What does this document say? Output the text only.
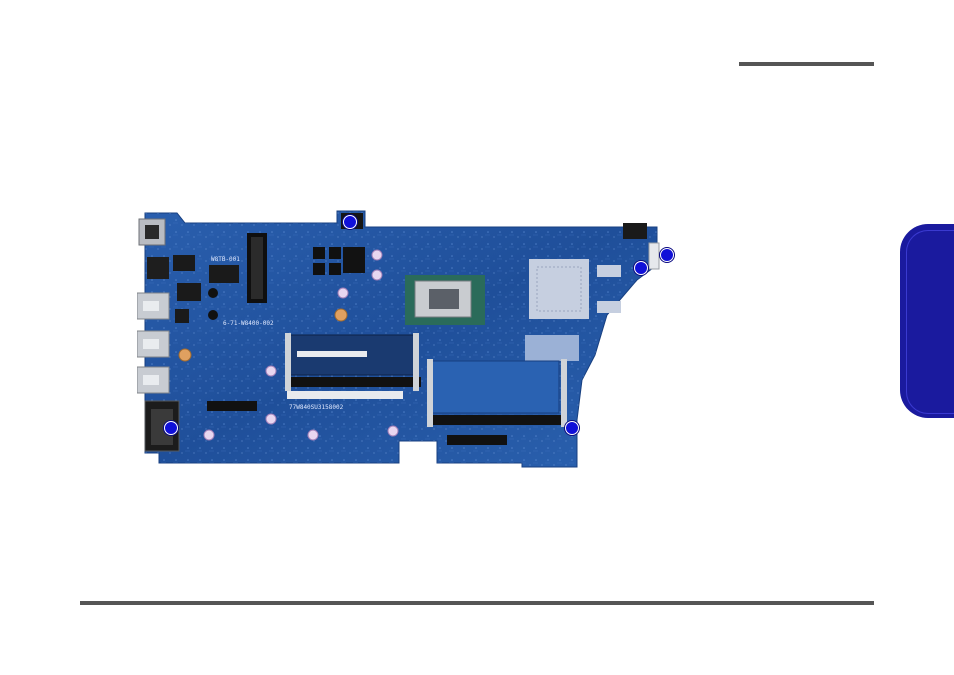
W8TB-001
77W840SU3158002
6-71-W8400-002
